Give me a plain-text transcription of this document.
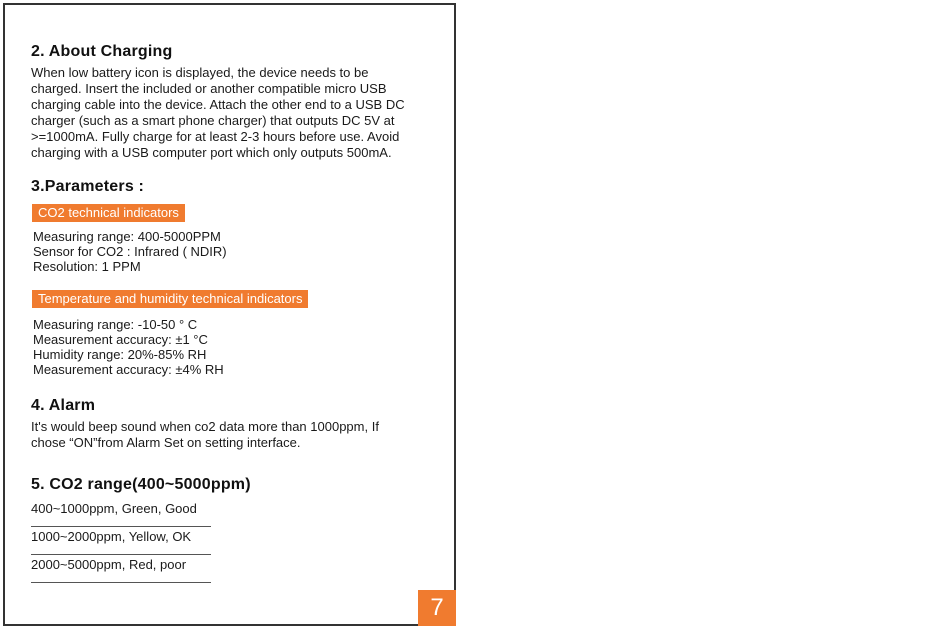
2. About Charging
When low battery icon is displayed, the device needs to be
charged. Insert the included or another compatible micro USB
charging cable into the device. Attach the other end to a USB DC
charger (such as a smart phone charger) that outputs DC 5V at
>=1000mA. Fully charge for at least 2-3 hours before use. Avoid
charging with a USB computer port which only outputs 500mA.
3.Parameters :
CO2 technical indicators
Measuring range: 400-5000PPM
Sensor for CO2 : Infrared ( NDIR)
Resolution: 1 PPM
Temperature and humidity technical indicators
Measuring range: -10-50 ° C
Measurement accuracy: ±1 °C
Humidity range: 20%-85% RH
Measurement accuracy: ±4% RH
4. Alarm
It's would beep sound when co2 data more than 1000ppm, If
chose “ON”from Alarm Set on setting interface.
5. CO2 range(400~5000ppm)
400~1000ppm, Green, Good
1000~2000ppm, Yellow, OK
2000~5000ppm, Red, poor
7
